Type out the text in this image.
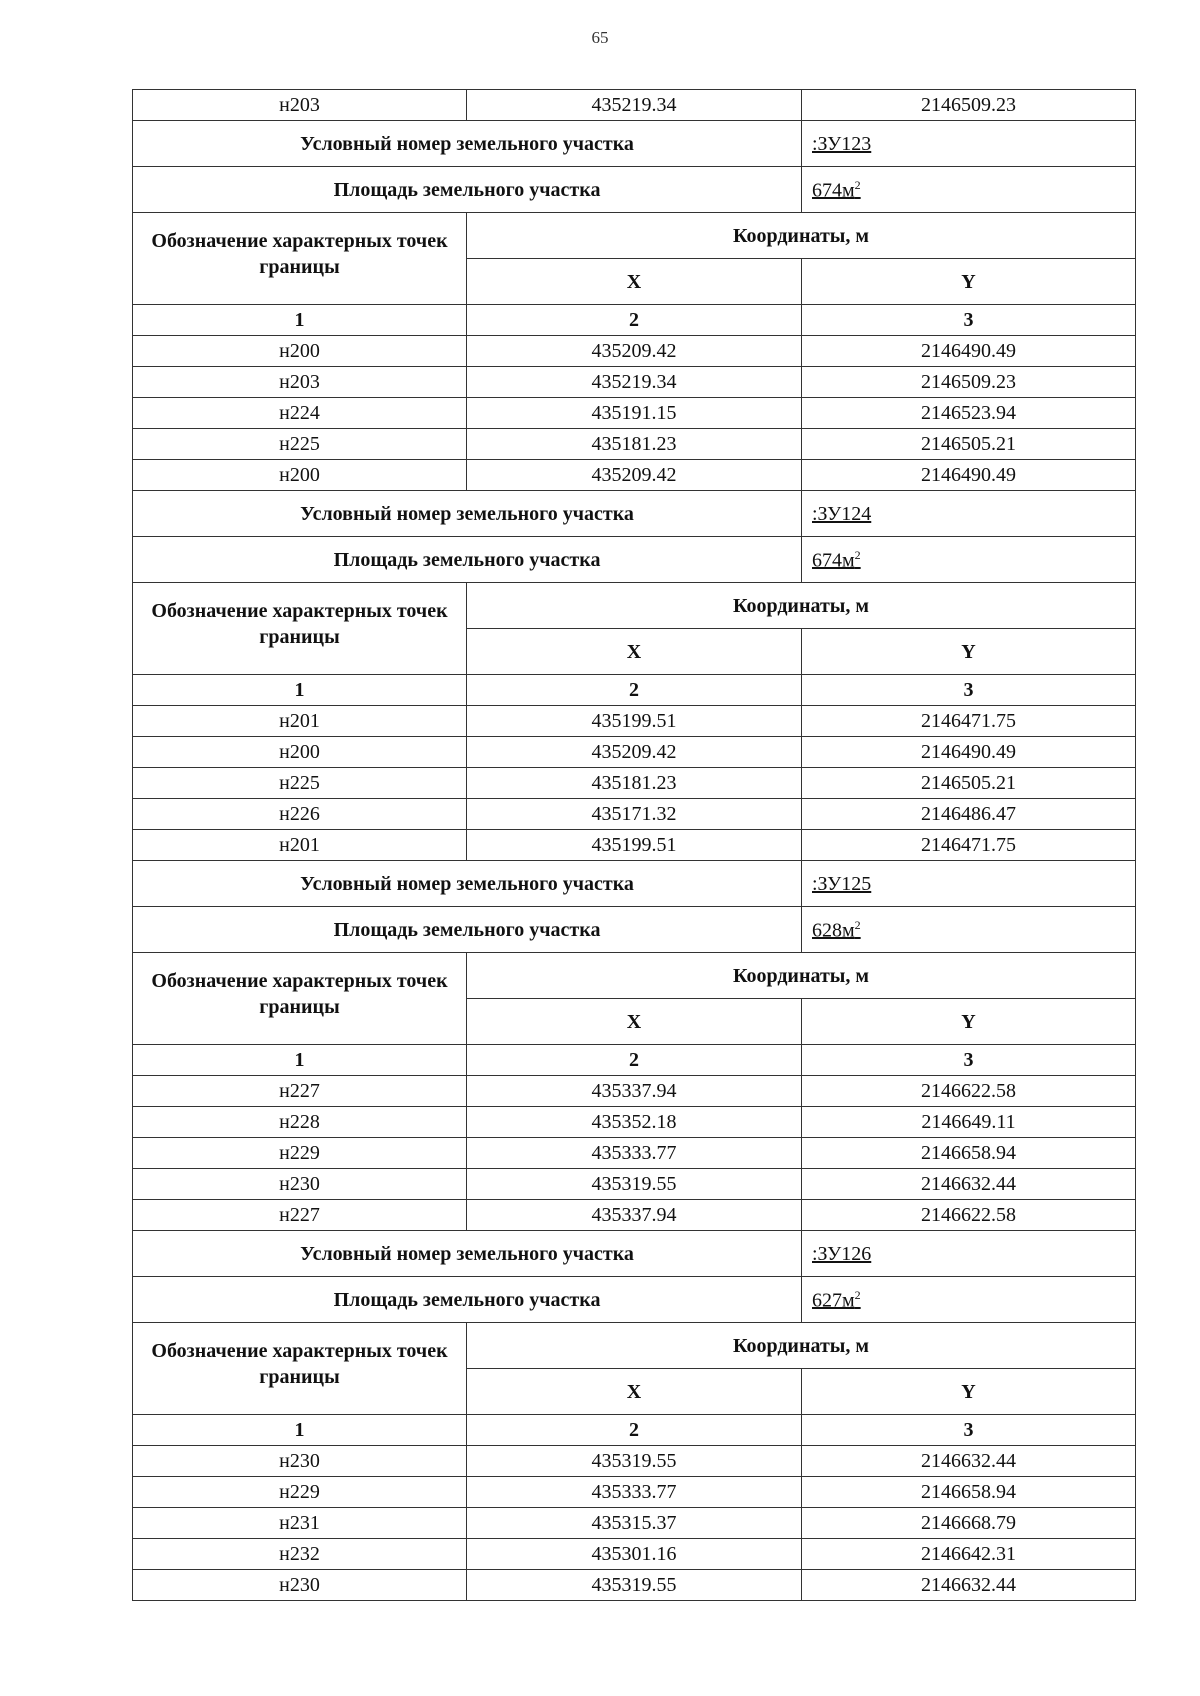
65
н203	435219.34	2146509.23
Условный номер земельного участка		:ЗУ123
Площадь земельного участка		$674м^2$
Обозначение характерных точек границы	Координаты, м	
	X	Y
1	2	3
н200	435209.42	2146490.49
н203	435219.34	2146509.23
н224	435191.15	2146523.94
н225	435181.23	2146505.21
н200	435209.42	2146490.49
Условный номер земельного участка		:ЗУ124
Площадь земельного участка		$674м^2$
Обозначение характерных точек границы	Координаты, м	
	X	Y
1	2	3
н201	435199.51	2146471.75
н200	435209.42	2146490.49
н225	435181.23	2146505.21
н226	435171.32	2146486.47
н201	435199.51	2146471.75
Условный номер земельного участка		:ЗУ125
Площадь земельного участка		$628м^2$
Обозначение характерных точек границы	Координаты, м	
	X	Y
1	2	3
н227	435337.94	2146622.58
н228	435352.18	2146649.11
н229	435333.77	2146658.94
н230	435319.55	2146632.44
н227	435337.94	2146622.58
Условный номер земельного участка		:ЗУ126
Площадь земельного участка		$627м^2$
Обозначение характерных точек границы	Координаты, м	
	X	Y
1	2	3
н230	435319.55	2146632.44
н229	435333.77	2146658.94
н231	435315.37	2146668.79
н232	435301.16	2146642.31
н230	435319.55	2146632.44
